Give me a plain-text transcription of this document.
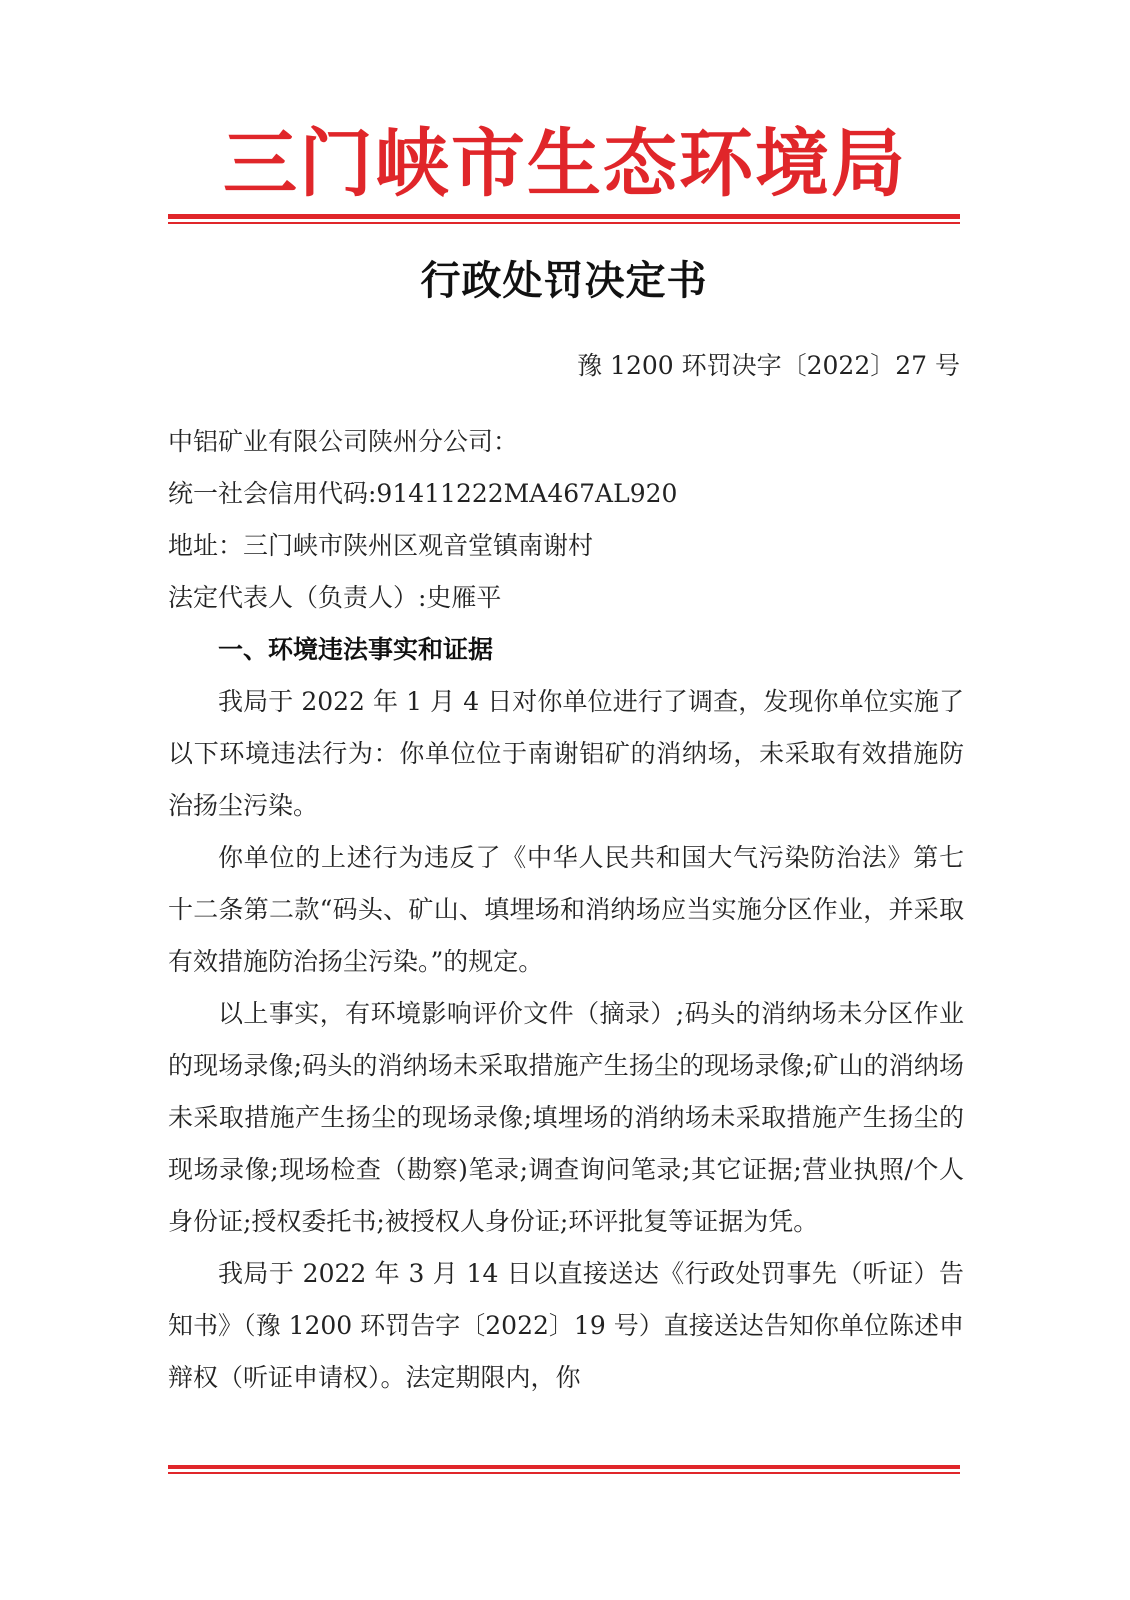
三门峡市生态环境局
行政处罚决定书
豫 1200 环罚决字〔2022〕27 号

中铝矿业有限公司陕州分公司：

统一社会信用代码:91411222MA467AL920

地址：三门峡市陕州区观音堂镇南谢村

法定代表人（负责人）:史雁平

一、环境违法事实和证据

我局于 2022 年 1 月 4 日对你单位进行了调查，发现你单位实施了以下环境违法行为：你单位位于南谢铝矿的消纳场，未采取有效措施防治扬尘污染。

你单位的上述行为违反了《中华人民共和国大气污染防治法》第七十二条第二款“码头、矿山、填埋场和消纳场应当实施分区作业，并采取有效措施防治扬尘污染。”的规定。

以上事实，有环境影响评价文件（摘录）;码头的消纳场未分区作业的现场录像;码头的消纳场未采取措施产生扬尘的现场录像;矿山的消纳场未采取措施产生扬尘的现场录像;填埋场的消纳场未采取措施产生扬尘的现场录像;现场检查（勘察)笔录;调查询问笔录;其它证据;营业执照/个人身份证;授权委托书;被授权人身份证;环评批复等证据为凭。

我局于 2022 年 3 月 14 日以直接送达《行政处罚事先（听证）告知书》（豫 1200 环罚告字〔2022〕19 号）直接送达告知你单位陈述申辩权（听证申请权）。法定期限内，你
